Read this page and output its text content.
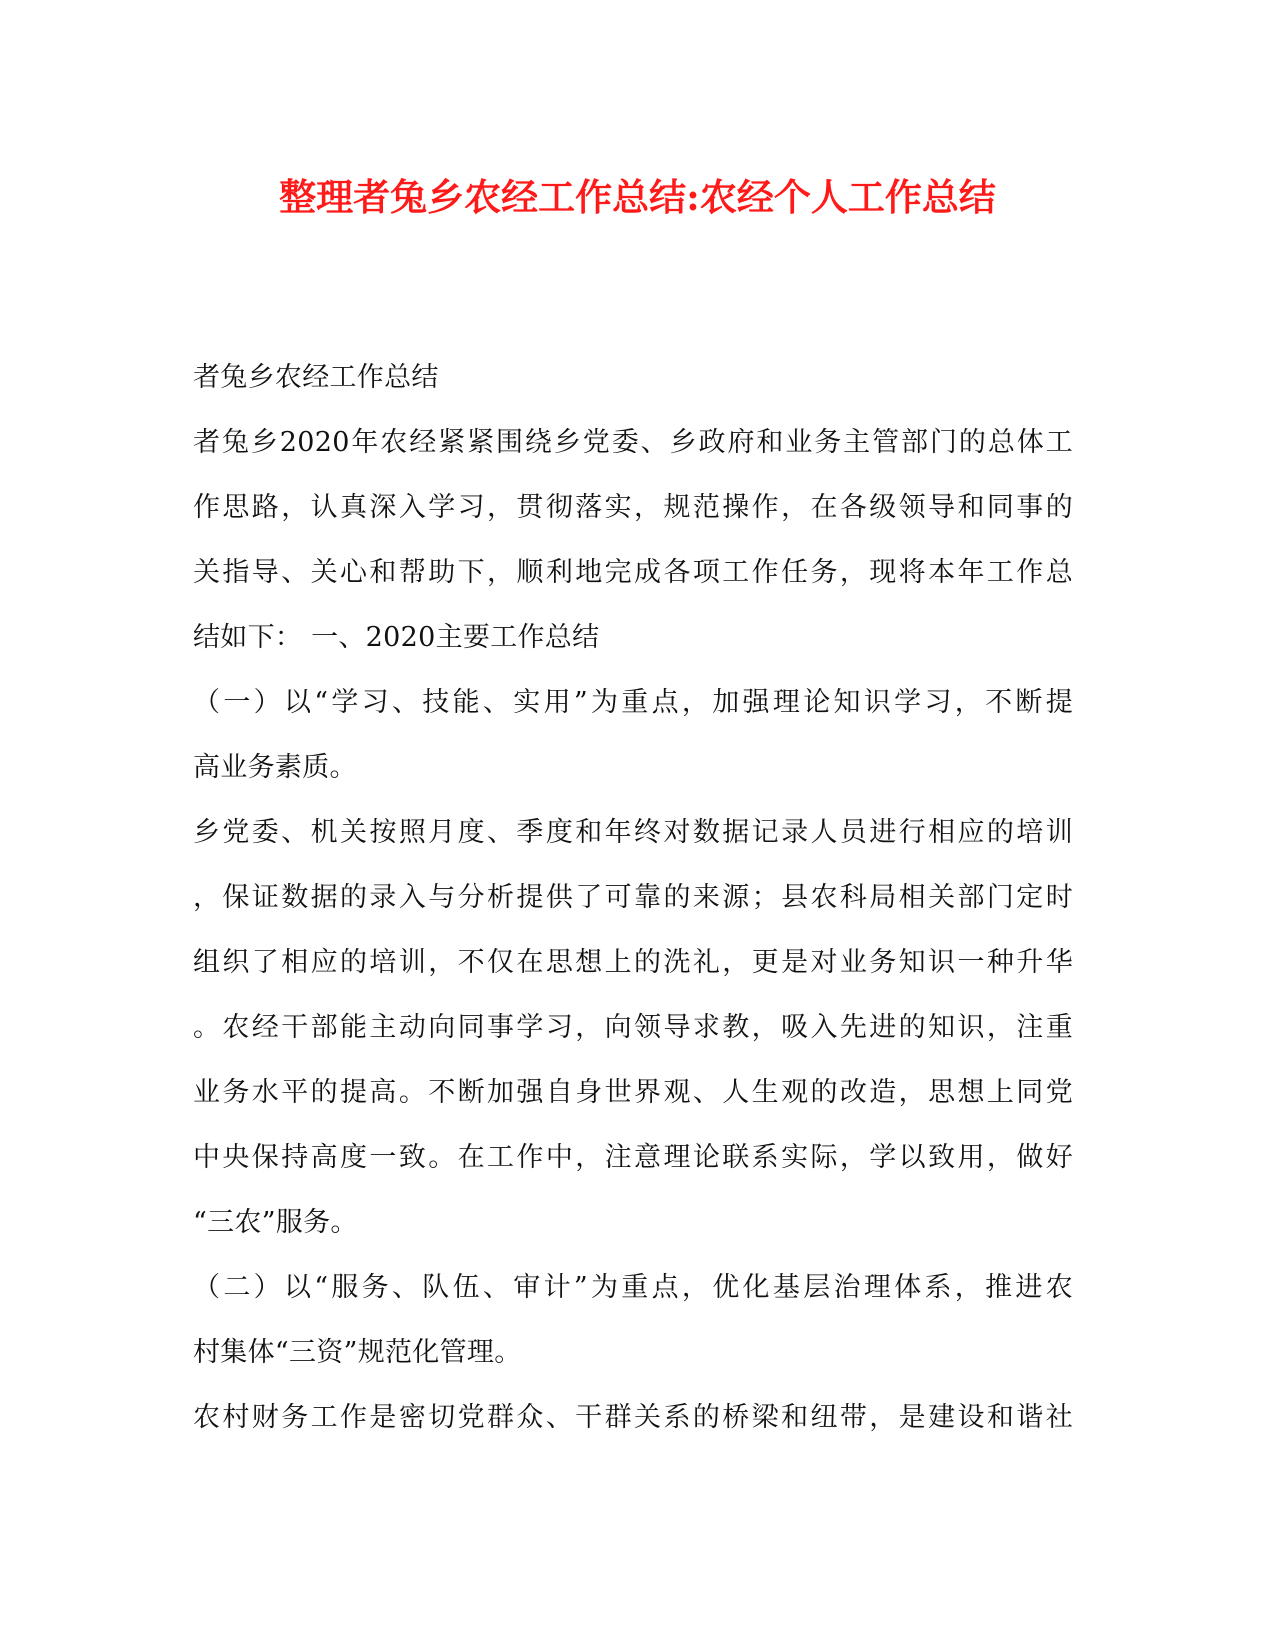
整理者兔乡农经工作总结:农经个人工作总结
者兔乡农经工作总结
者兔乡2020年农经紧紧围绕乡党委、乡政府和业务主管部门的总体工
作思路，认真深入学习，贯彻落实，规范操作，在各级领导和同事的
关指导、关心和帮助下，顺利地完成各项工作任务，现将本年工作总
结如下： 一、2020主要工作总结
（一）以“学习、技能、实用”为重点，加强理论知识学习，不断提
高业务素质。
乡党委、机关按照月度、季度和年终对数据记录人员进行相应的培训
，保证数据的录入与分析提供了可靠的来源；县农科局相关部门定时
组织了相应的培训，不仅在思想上的洗礼，更是对业务知识一种升华
。农经干部能主动向同事学习，向领导求教，吸入先进的知识，注重
业务水平的提高。不断加强自身世界观、人生观的改造，思想上同党
中央保持高度一致。在工作中，注意理论联系实际，学以致用，做好
“三农”服务。
（二）以“服务、队伍、审计”为重点，优化基层治理体系，推进农
村集体“三资”规范化管理。
农村财务工作是密切党群众、干群关系的桥梁和纽带，是建设和谐社
